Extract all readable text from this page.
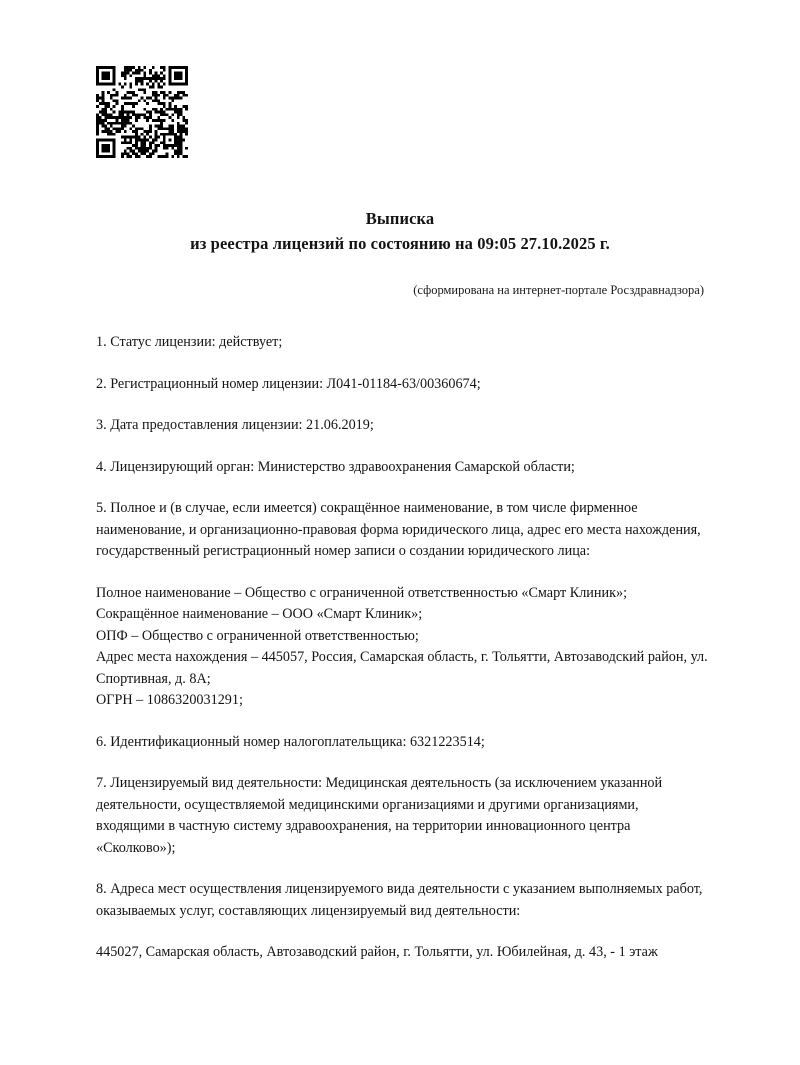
Выписка
из реестра лицензий по состоянию на 09:05 27.10.2025 г.
(сформирована на интернет-портале Росздравнадзора)

1. Статус лицензии: действует;

2. Регистрационный номер лицензии: Л041-01184-63/00360674;

3. Дата предоставления лицензии: 21.06.2019;

4. Лицензирующий орган: Министерство здравоохранения Самарской области;

5. Полное и (в случае, если имеется) сокращённое наименование, в том числе фирменное наименование, и организационно-правовая форма юридического лица, адрес его места нахождения, государственный регистрационный номер записи о создании юридического лица:

Полное наименование – Общество с ограниченной ответственностью «Смарт Клиник»;

Сокращённое наименование – ООО «Смарт Клиник»;

ОПФ – Общество с ограниченной ответственностью;

Адрес места нахождения – 445057, Россия, Самарская область, г. Тольятти, Автозаводский район, ул. Спортивная, д. 8А;

ОГРН – 1086320031291;

6. Идентификационный номер налогоплательщика: 6321223514;

7. Лицензируемый вид деятельности: Медицинская деятельность (за исключением указанной деятельности, осуществляемой медицинскими организациями и другими организациями, входящими в частную систему здравоохранения, на территории инновационного центра «Сколково»);

8. Адреса мест осуществления лицензируемого вида деятельности с указанием выполняемых работ, оказываемых услуг, составляющих лицензируемый вид деятельности:

445027, Самарская область, Автозаводский район, г. Тольятти, ул. Юбилейная, д. 43, - 1 этаж
